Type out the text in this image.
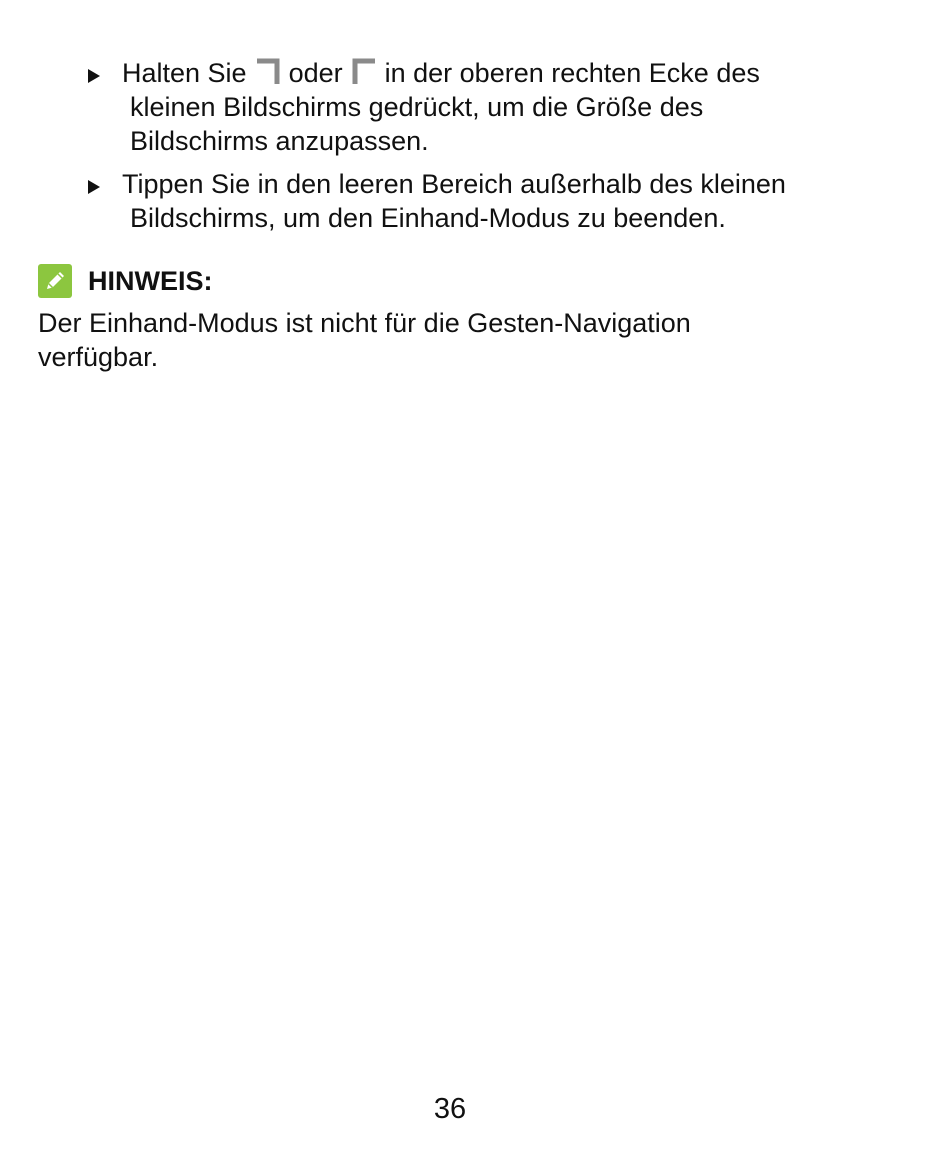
Halten Sie oder in der oberen rechten Ecke des
kleinen Bildschirms gedrückt, um die Größe des
Bildschirms anzupassen.
Tippen Sie in den leeren Bereich außerhalb des kleinen
Bildschirms, um den Einhand-Modus zu beenden.
HINWEIS:
Der Einhand-Modus ist nicht für die Gesten-Navigation
verfügbar.
36
